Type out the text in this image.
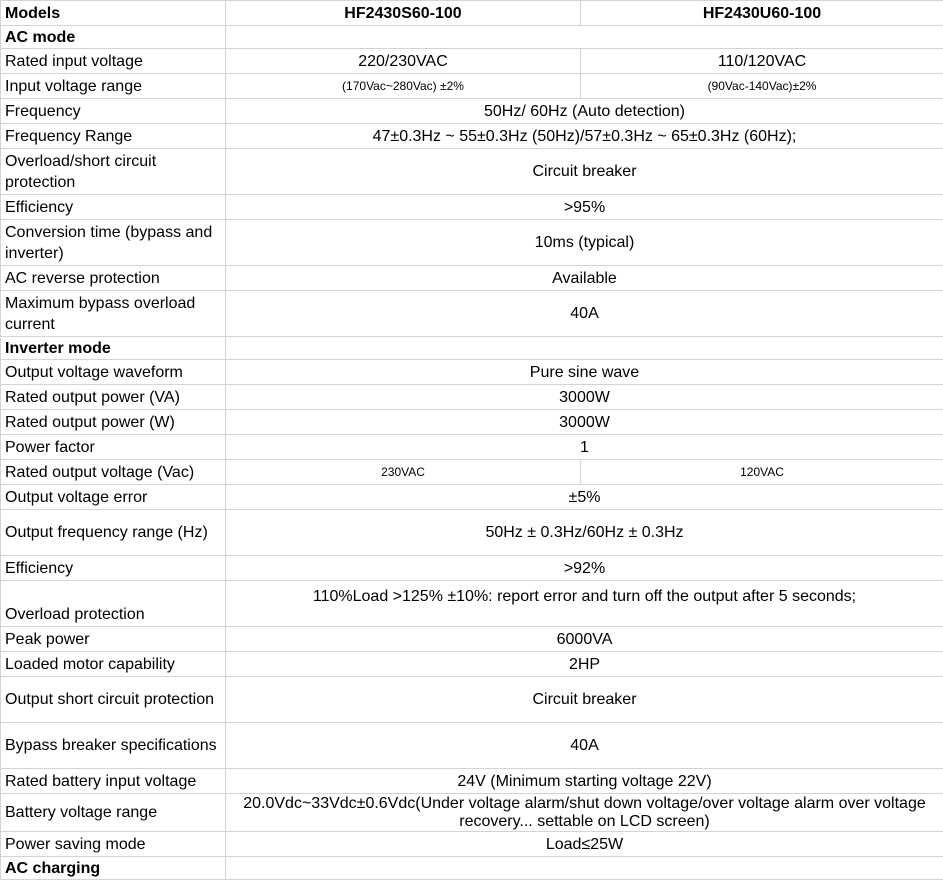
Models	HF2430S60-100	HF2430U60-100
AC mode		
Rated input voltage	220/230VAC	110/120VAC
Input voltage range	(170Vac~280Vac) ±2%	(90Vac-140Vac)±2%
Frequency	50Hz/ 60Hz (Auto detection)	
Frequency Range	47±0.3Hz ~ 55±0.3Hz (50Hz)/57±0.3Hz ~ 65±0.3Hz (60Hz);	
Overload/short circuit protection	Circuit breaker	
Efficiency	>95%	
Conversion time (bypass and inverter)	10ms (typical)	
AC reverse protection	Available	
Maximum bypass overload current	40A	
Inverter mode		
Output voltage waveform	Pure sine wave	
Rated output power (VA)	3000W	
Rated output power (W)	3000W	
Power factor	1	
Rated output voltage (Vac)	230VAC	120VAC
Output voltage error	±5%	
Output frequency range (Hz)	50Hz ± 0.3Hz/60Hz ± 0.3Hz	
Efficiency	>92%	
Overload protection	110%Load >125% ±10%: report error and turn off the output after 5 seconds;	
Peak power	6000VA	
Loaded motor capability	2HP	
Output short circuit protection	Circuit breaker	
Bypass breaker specifications	40A	
Rated battery input voltage	24V (Minimum starting voltage 22V)	
Battery voltage range	20.0Vdc~33Vdc±0.6Vdc(Under voltage alarm/shut down voltage/over voltage alarm over voltage recovery... settable on LCD screen)	
Power saving mode	Load≤25W	
AC charging		
